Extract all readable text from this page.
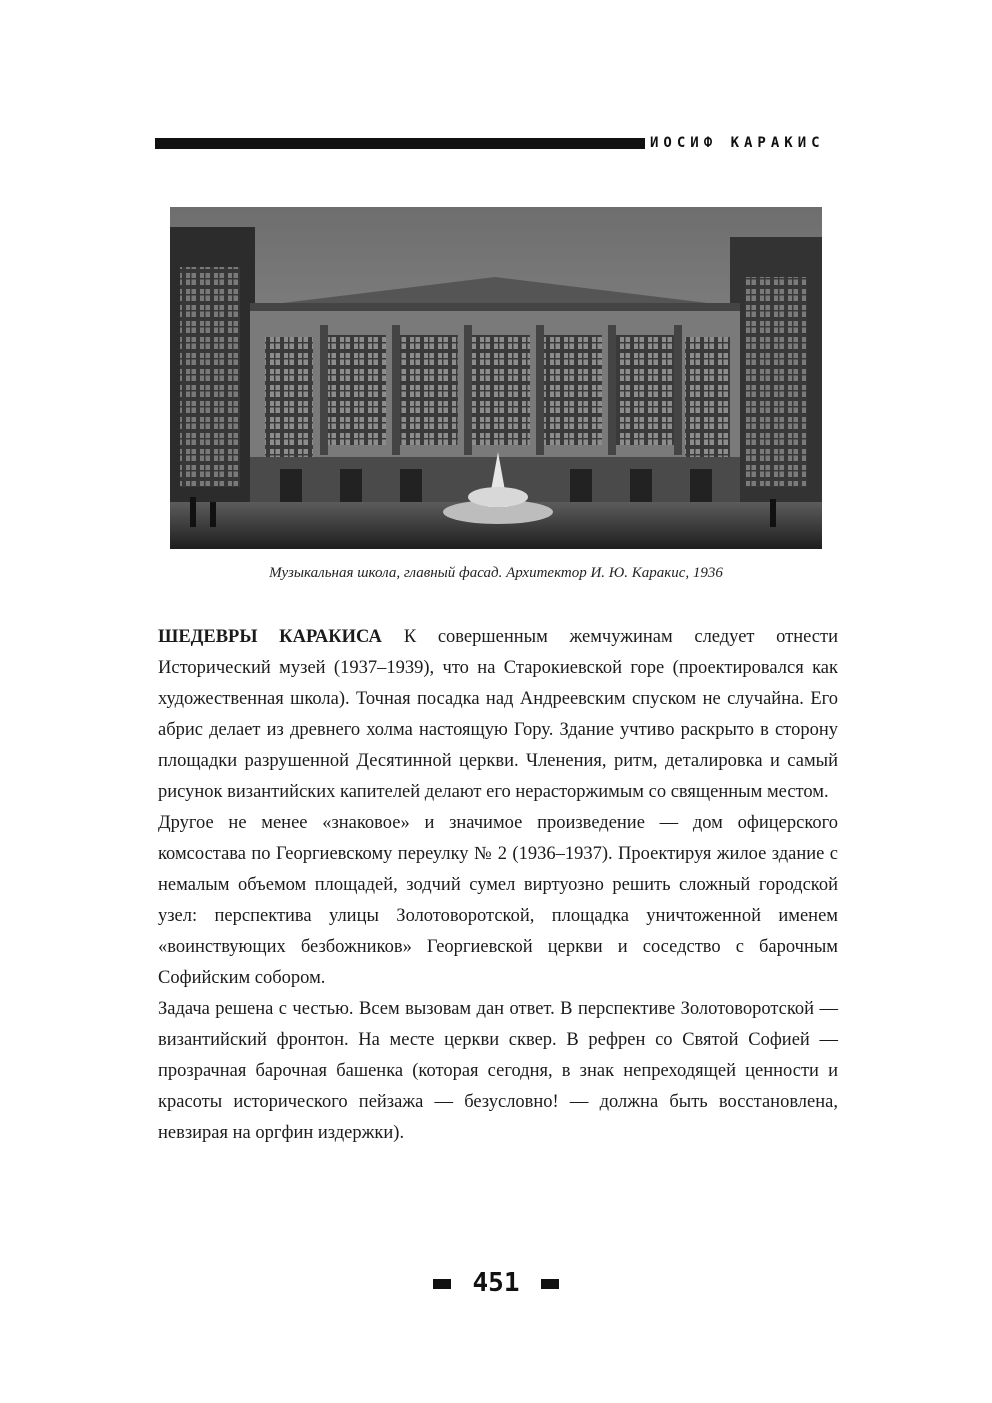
ИОСИФ КАРАКИС
Музыкальная школа, главный фасад. Архитектор И. Ю. Каракис, 1936

ШЕДЕВРЫ КАРАКИСА К совершенным жемчужинам следует отнести Исторический музей (1937–1939), что на Старокиевской горе (проектировался как художественная школа). Точная посадка над Андреевским спуском не случайна. Его абрис делает из древнего холма настоящую Гору. Здание учтиво раскрыто в сторону площадки разрушенной Десятинной церкви. Членения, ритм, деталировка и самый рисунок византийских капителей делают его нерасторжимым со священным местом.

Другое не менее «знаковое» и значимое произведение — дом офицерского комсостава по Георгиевскому переулку № 2 (1936–1937). Проектируя жилое здание с немалым объемом площадей, зодчий сумел виртуозно решить сложный городской узел: перспектива улицы Золотоворотской, площадка уничтоженной именем «воинствующих безбожников» Георгиевской церкви и соседство с барочным Софийским собором.

Задача решена с честью. Всем вызовам дан ответ. В перспективе Золотоворотской — византийский фронтон. На месте церкви сквер. В рефрен со Святой Софией — прозрачная барочная башенка (которая сегодня, в знак непреходящей ценности и красоты исторического пейзажа — безусловно! — должна быть восстановлена, невзирая на оргфин издержки).

451
